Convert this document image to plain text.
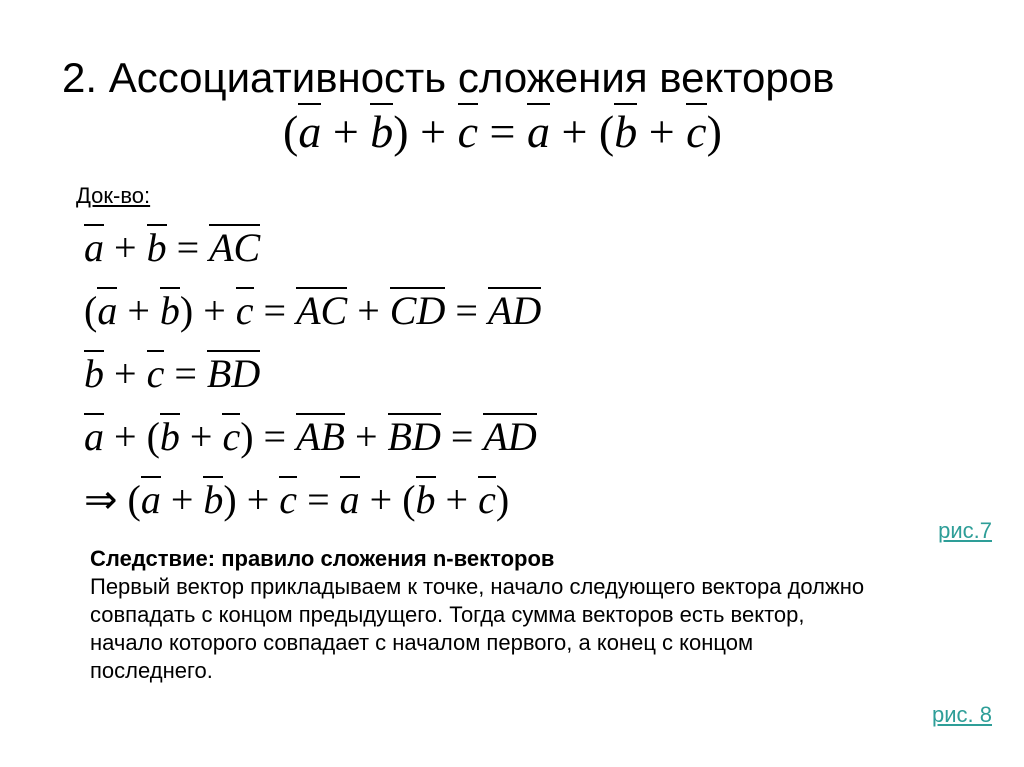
2. Ассоциативность сложения векторов
(a + b) + c = a + (b + c)
Док-во:
a + b = AC
(a + b) + c = AC + CD = AD
b + c = BD
a + (b + c) = AB + BD = AD
⇒ (a + b) + c = a + (b + c)
рис.7
Следствие: правило сложения n-векторов
Первый вектор прикладываем к точке, начало следующего вектора должно
совпадать с концом предыдущего. Тогда сумма векторов есть вектор,
начало которого совпадает с началом первого, а конец с концом
последнего.
рис. 8
